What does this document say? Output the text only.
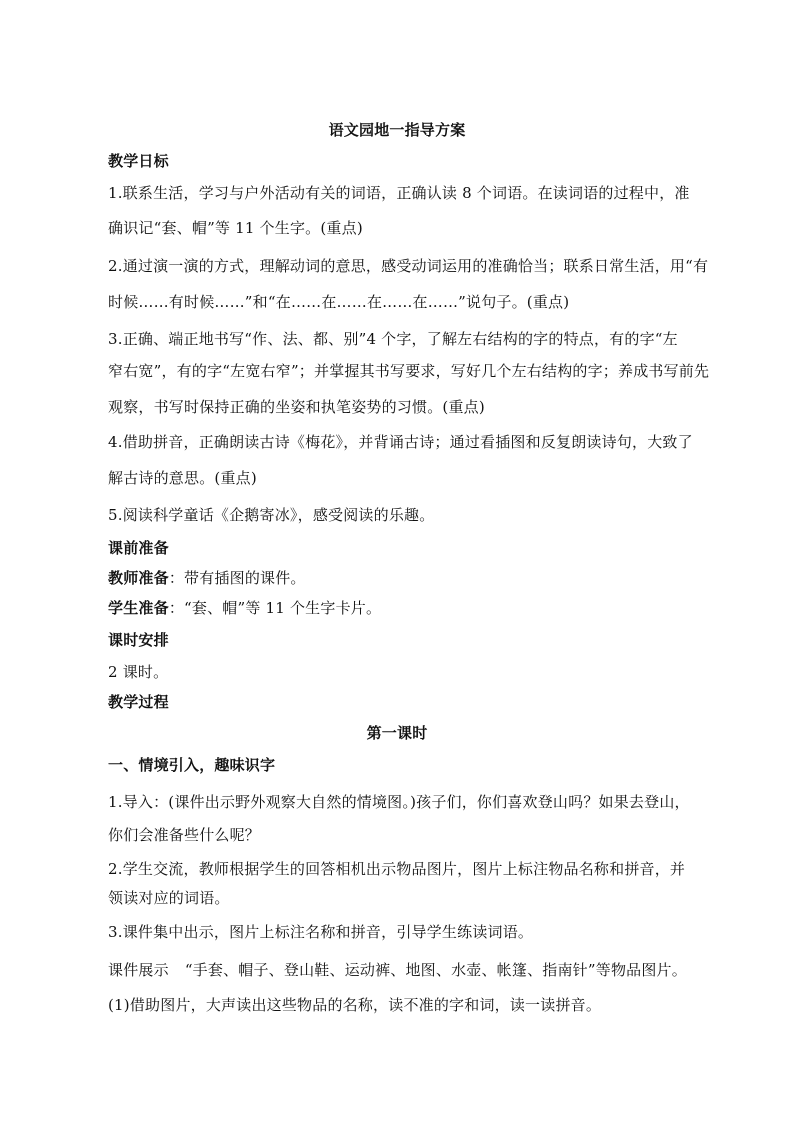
语文园地一指导方案
教学日标
1.联系生活，学习与户外活动有关的词语，正确认读 8 个词语。在读词语的过程中，准
确识记“套、帽”等 11 个生字。(重点)
2.通过演一演的方式，理解动词的意思，感受动词运用的准确恰当；联系日常生活，用“有
时候……有时候……”和“在……在……在……在……”说句子。(重点)
3.正确、端正地书写“作、法、都、别”4 个字，了解左右结构的字的特点，有的字“左
窄右宽”，有的字“左宽右窄”；并掌握其书写要求，写好几个左右结构的字；养成书写前先
观察，书写时保持正确的坐姿和执笔姿势的习惯。(重点)
4.借助拼音，正确朗读古诗《梅花》，并背诵古诗；通过看插图和反复朗读诗句，大致了
解古诗的意思。(重点)
5.阅读科学童话《企鹅寄冰》，感受阅读的乐趣。
课前准备
教师准备：带有插图的课件。
学生准备：“套、帽”等 11 个生字卡片。
课时安排
2 课时。
教学过程
第一课时
一、情境引入，趣味识字
1.导入：(课件出示野外观察大自然的情境图。)孩子们，你们喜欢登山吗？如果去登山，
你们会准备些什么呢？
2.学生交流，教师根据学生的回答相机出示物品图片，图片上标注物品名称和拼音，并
领读对应的词语。
3.课件集中出示，图片上标注名称和拼音，引导学生练读词语。
课件展示 “手套、帽子、登山鞋、运动裤、地图、水壶、帐篷、指南针”等物品图片。
(1)借助图片，大声读出这些物品的名称，读不准的字和词，读一读拼音。
